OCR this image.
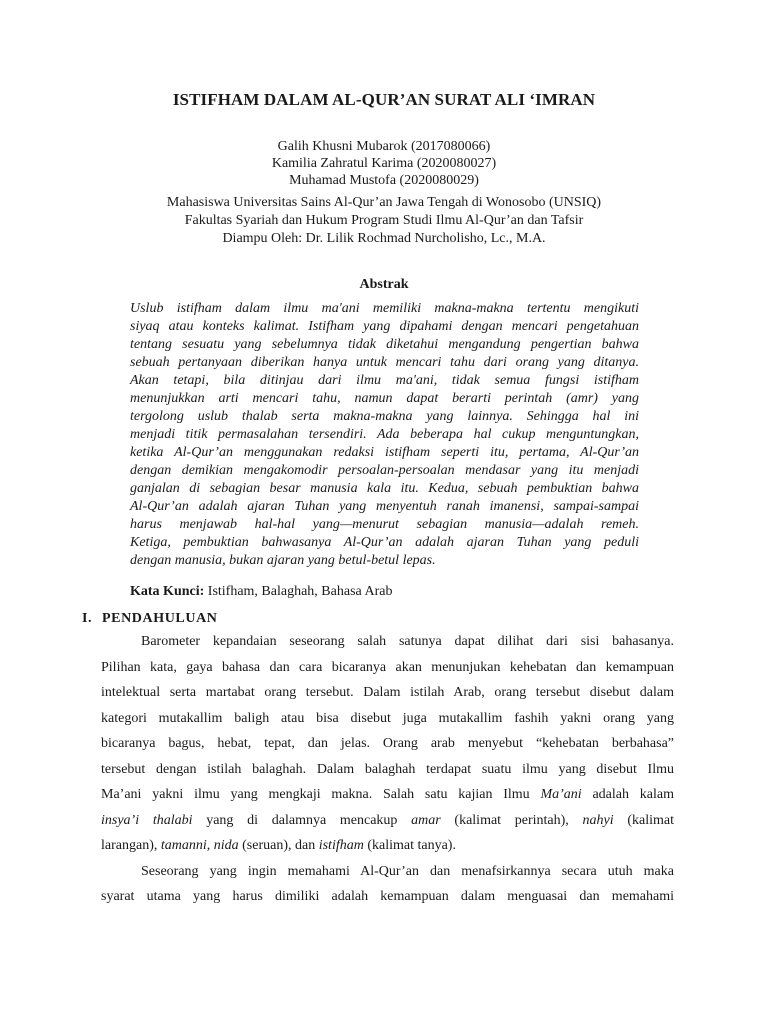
ISTIFHAM DALAM AL-QUR’AN SURAT ALI ‘IMRAN
Galih Khusni Mubarok (2017080066)
Kamilia Zahratul Karima (2020080027)
Muhamad Mustofa (2020080029)
Mahasiswa Universitas Sains Al-Qur’an Jawa Tengah di Wonosobo (UNSIQ)
Fakultas Syariah dan Hukum Program Studi Ilmu Al-Qur’an dan Tafsir
Diampu Oleh: Dr. Lilik Rochmad Nurcholisho, Lc., M.A.
Abstrak
Uslub istifham dalam ilmu ma'ani memiliki makna-makna tertentu mengikuti
siyaq atau konteks kalimat. Istifham yang dipahami dengan mencari pengetahuan
tentang sesuatu yang sebelumnya tidak diketahui mengandung pengertian bahwa
sebuah pertanyaan diberikan hanya untuk mencari tahu dari orang yang ditanya.
Akan tetapi, bila ditinjau dari ilmu ma'ani, tidak semua fungsi istifham
menunjukkan arti mencari tahu, namun dapat berarti perintah (amr) yang
tergolong uslub thalab serta makna-makna yang lainnya. Sehingga hal ini
menjadi titik permasalahan tersendiri. Ada beberapa hal cukup menguntungkan,
ketika Al-Qur’an menggunakan redaksi istifham seperti itu, pertama, Al-Qur’an
dengan demikian mengakomodir persoalan-persoalan mendasar yang itu menjadi
ganjalan di sebagian besar manusia kala itu. Kedua, sebuah pembuktian bahwa
Al-Qur’an adalah ajaran Tuhan yang menyentuh ranah imanensi, sampai-sampai
harus menjawab hal-hal yang—menurut sebagian manusia—adalah remeh.
Ketiga, pembuktian bahwasanya Al-Qur’an adalah ajaran Tuhan yang peduli
dengan manusia, bukan ajaran yang betul-betul lepas.
Kata Kunci: Istifham, Balaghah, Bahasa Arab
I. PENDAHULUAN
Barometer kepandaian seseorang salah satunya dapat dilihat dari sisi bahasanya.
Pilihan kata, gaya bahasa dan cara bicaranya akan menunjukan kehebatan dan kemampuan
intelektual serta martabat orang tersebut. Dalam istilah Arab, orang tersebut disebut dalam
kategori mutakallim baligh atau bisa disebut juga mutakallim fashih yakni orang yang
bicaranya bagus, hebat, tepat, dan jelas. Orang arab menyebut “kehebatan berbahasa”
tersebut dengan istilah balaghah. Dalam balaghah terdapat suatu ilmu yang disebut Ilmu
Ma’ani yakni ilmu yang mengkaji makna. Salah satu kajian Ilmu Ma’ani adalah kalam
insya’i thalabi yang di dalamnya mencakup amar (kalimat perintah), nahyi (kalimat
larangan), tamanni, nida (seruan), dan istifham (kalimat tanya).
Seseorang yang ingin memahami Al-Qur’an dan menafsirkannya secara utuh maka
syarat utama yang harus dimiliki adalah kemampuan dalam menguasai dan memahami
